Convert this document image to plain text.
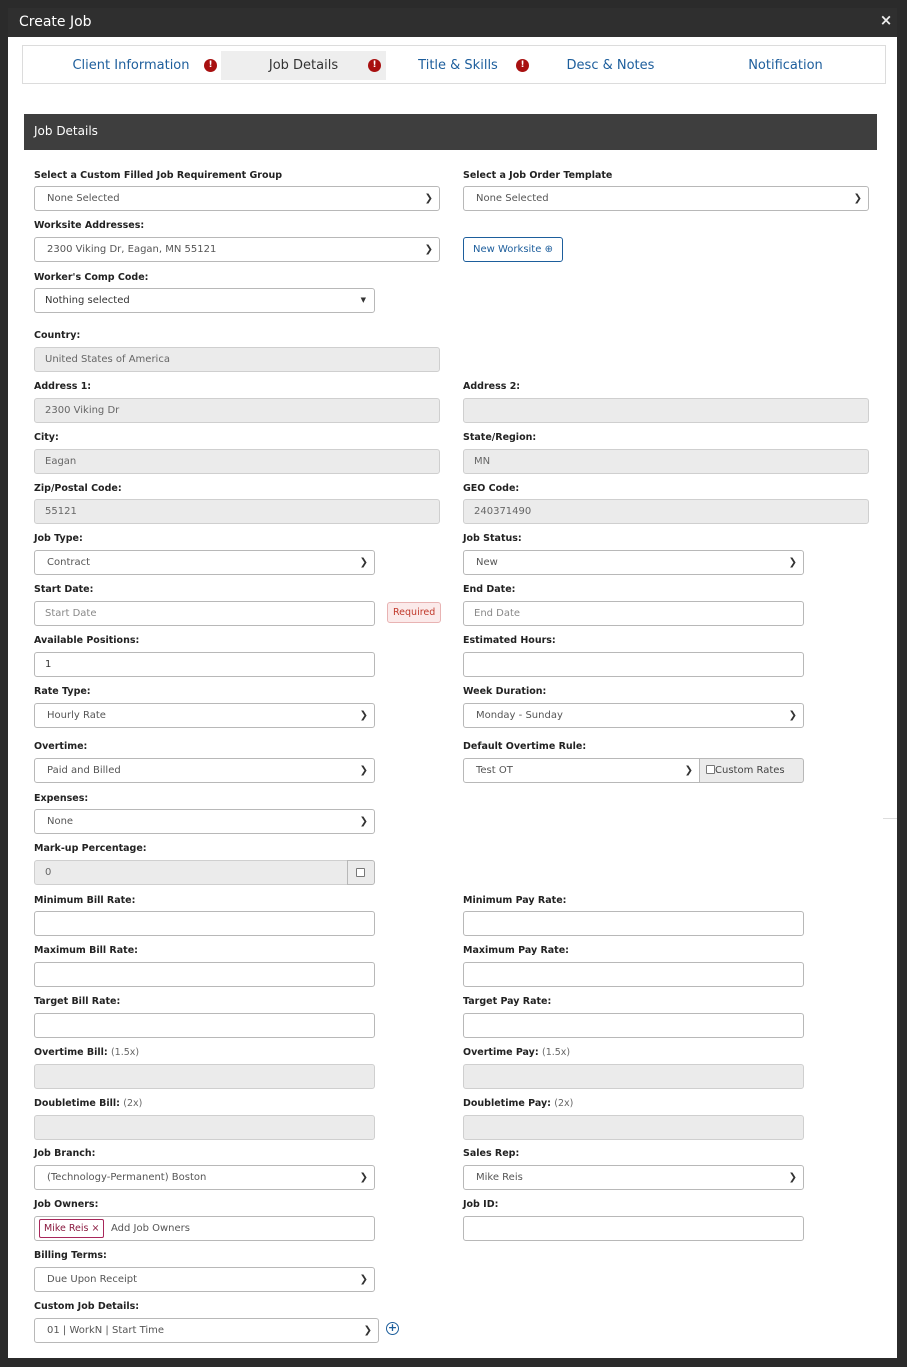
Create Job	×
Client Information	!	Job Details	!	Title & Skills	!	Desc & Notes	Notification
Job Details
Select a Custom Filled Job Requirement Group
None Selected	❯
Select a Job Order Template
None Selected	❯
Worksite Addresses:
2300 Viking Dr, Eagan, MN 55121	❯	New Worksite ⊕
Worker's Comp Code:
Nothing selected	▼
Country:
United States of America
Address 1:
2300 Viking Dr
Address 2:
City:
Eagan
State/Region:
MN
Zip/Postal Code:
55121
GEO Code:
240371490
Job Type:
Contract	❯
Job Status:
New	❯
Start Date:
Start Date	Required
End Date:
End Date
Available Positions:
1
Estimated Hours:
Rate Type:
Hourly Rate	❯
Week Duration:
Monday - Sunday	❯
Overtime:
Paid and Billed	❯
Default Overtime Rule:
Test OT	❯	Custom Rates
Expenses:
None	❯
Mark-up Percentage:
0
Minimum Bill Rate:	Minimum Pay Rate:
Maximum Bill Rate:	Maximum Pay Rate:
Target Bill Rate:	Target Pay Rate:
Overtime Bill: (1.5x)	Overtime Pay: (1.5x)
Doubletime Bill: (2x)	Doubletime Pay: (2x)
Job Branch:
(Technology-Permanent) Boston	❯
Sales Rep:
Mike Reis	❯
Job Owners:
Mike Reis ×	Add Job Owners
Job ID:
Billing Terms:
Due Upon Receipt	❯
Custom Job Details:
01 | WorkN | Start Time	❯ +
